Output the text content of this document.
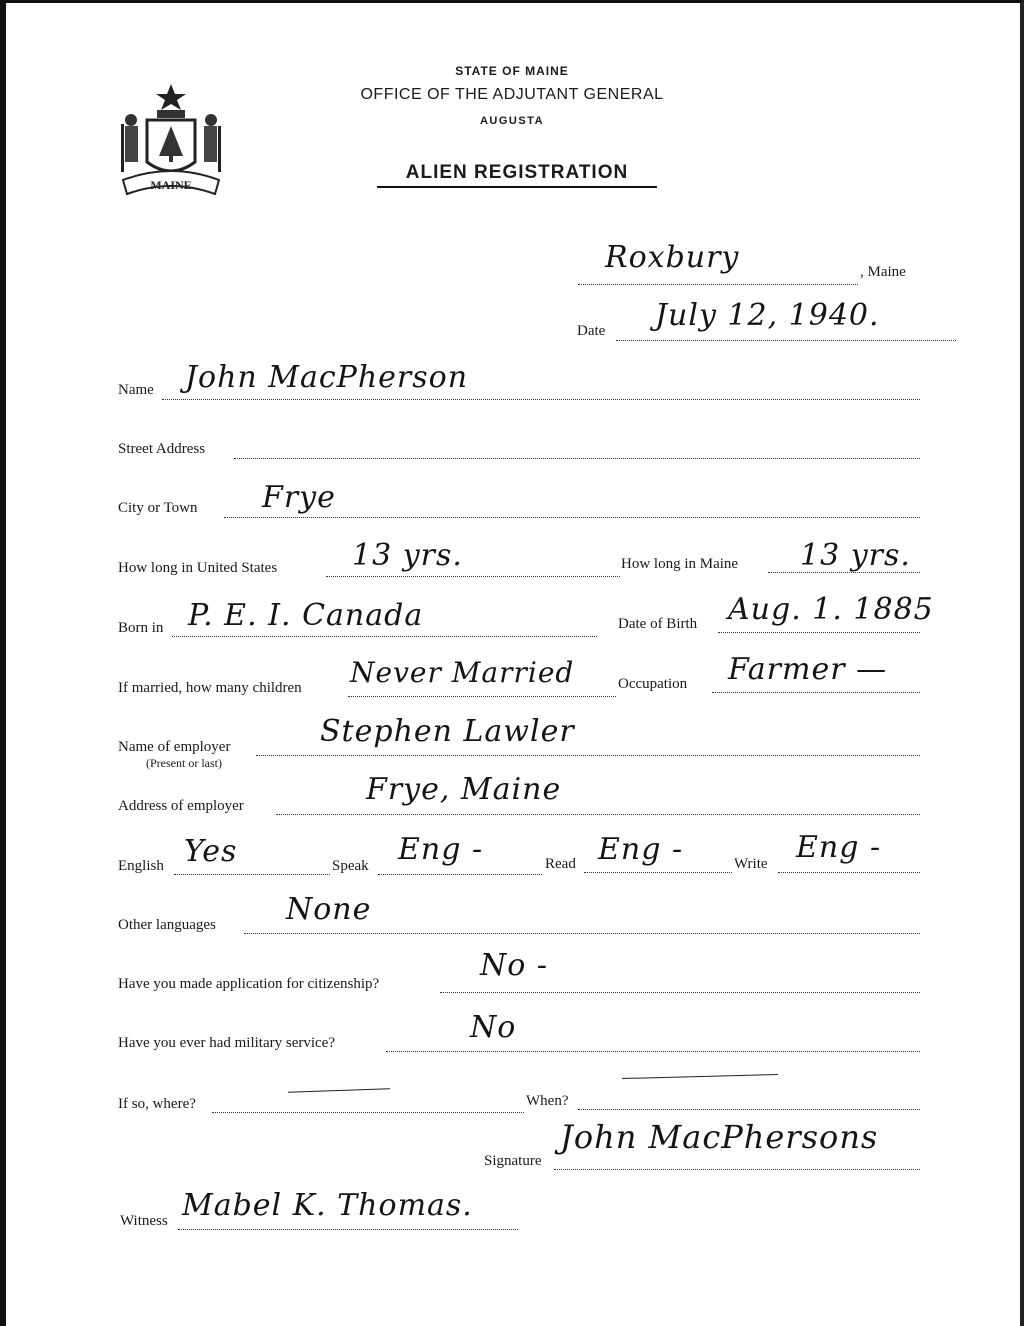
MAINE
STATE OF MAINE
OFFICE OF THE ADJUTANT GENERAL
AUGUSTA
ALIEN REGISTRATION
Roxbury	, Maine
Date July 12, 1940.
Name John MacPherson
Street Address
City or Town Frye
How long in United States 13 yrs.	How long in Maine 13 yrs.
Born in P. E. I. Canada	Date of Birth Aug. 1. 1885
If married, how many children Never Married	Occupation Farmer —
Name of employer
(Present or last)
Stephen Lawler
Address of employer	Frye, Maine
English Yes	Speak Eng -	Read Eng -	Write Eng -
Other languages None
Have you made application for citizenship?
No -
Have you ever had military service?	No
If so, where?	When?
Signature
John MacPhersons
Witness Mabel K. Thomas.
